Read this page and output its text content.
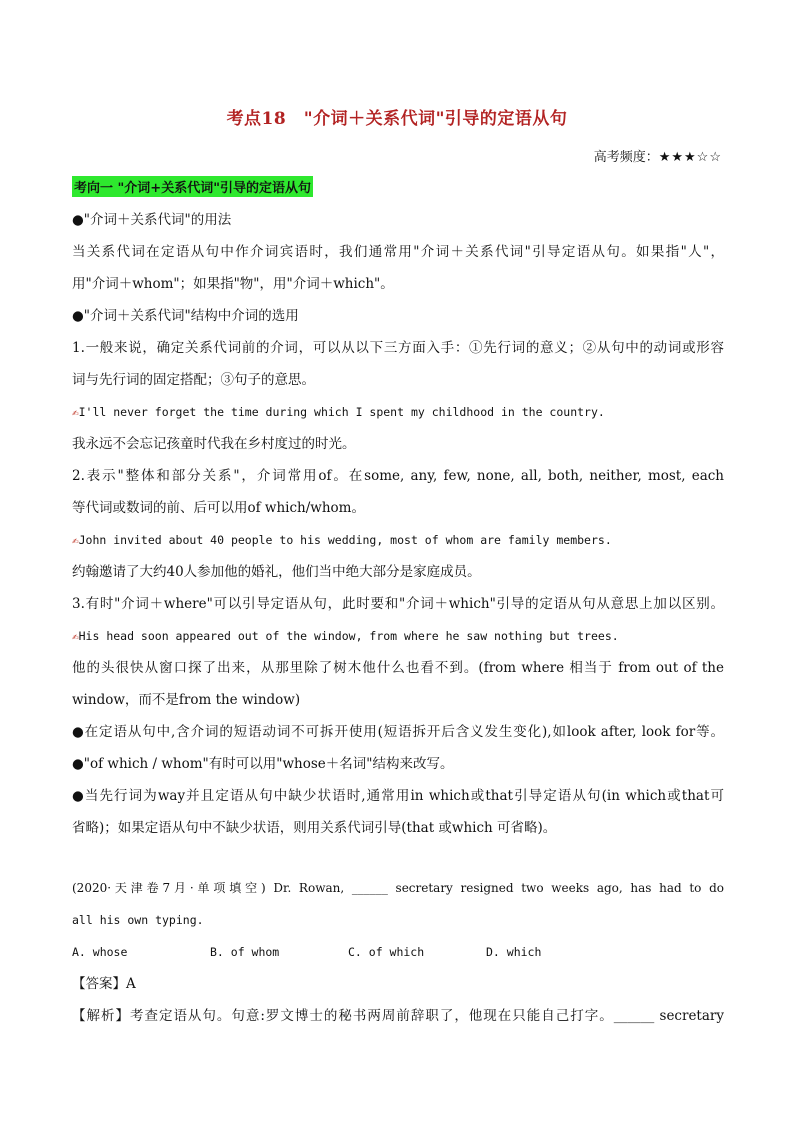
考点18　"介词＋关系代词"引导的定语从句
高考频度：★★★☆☆
考向一 "介词+关系代词"引导的定语从句
●"介词＋关系代词"的用法
当关系代词在定语从句中作介词宾语时，我们通常用"介词＋关系代词"引导定语从句。如果指"人"，
用"介词＋whom"；如果指"物"，用"介词＋which"。
●"介词＋关系代词"结构中介词的选用
1.一般来说，确定关系代词前的介词，可以从以下三方面入手：①先行词的意义；②从句中的动词或形容
词与先行词的固定搭配；③句子的意思。
✍I'll never forget the time during which I spent my childhood in the country.
我永远不会忘记孩童时代我在乡村度过的时光。
2.表示"整体和部分关系"，介词常用of。在some, any, few, none, all, both, neither, most, each
等代词或数词的前、后可以用of which/whom。
✍John invited about 40 people to his wedding, most of whom are family members.
约翰邀请了大约40人参加他的婚礼，他们当中绝大部分是家庭成员。
3.有时"介词＋where"可以引导定语从句，此时要和"介词＋which"引导的定语从句从意思上加以区别。
✍His head soon appeared out of the window, from where he saw nothing but trees.
他的头很快从窗口探了出来，从那里除了树木他什么也看不到。(from where 相当于 from out of the
window，而不是from the window)
●在定语从句中,含介词的短语动词不可拆开使用(短语拆开后含义发生变化),如look after, look for等。
●"of which / whom"有时可以用"whose＋名词"结构来改写。
●当先行词为way并且定语从句中缺少状语时,通常用in which或that引导定语从句(in which或that可
省略)；如果定语从句中不缺少状语，则用关系代词引导(that 或which 可省略)。
(2020·天津卷7月·单项填空) Dr. Rowan, ______ secretary resigned two weeks ago, has had to do
all his own typing.
A. whose	B. of whom	C. of which	D. which
【答案】A
【解析】考查定语从句。句意:罗文博士的秘书两周前辞职了，他现在只能自己打字。______ secretary
